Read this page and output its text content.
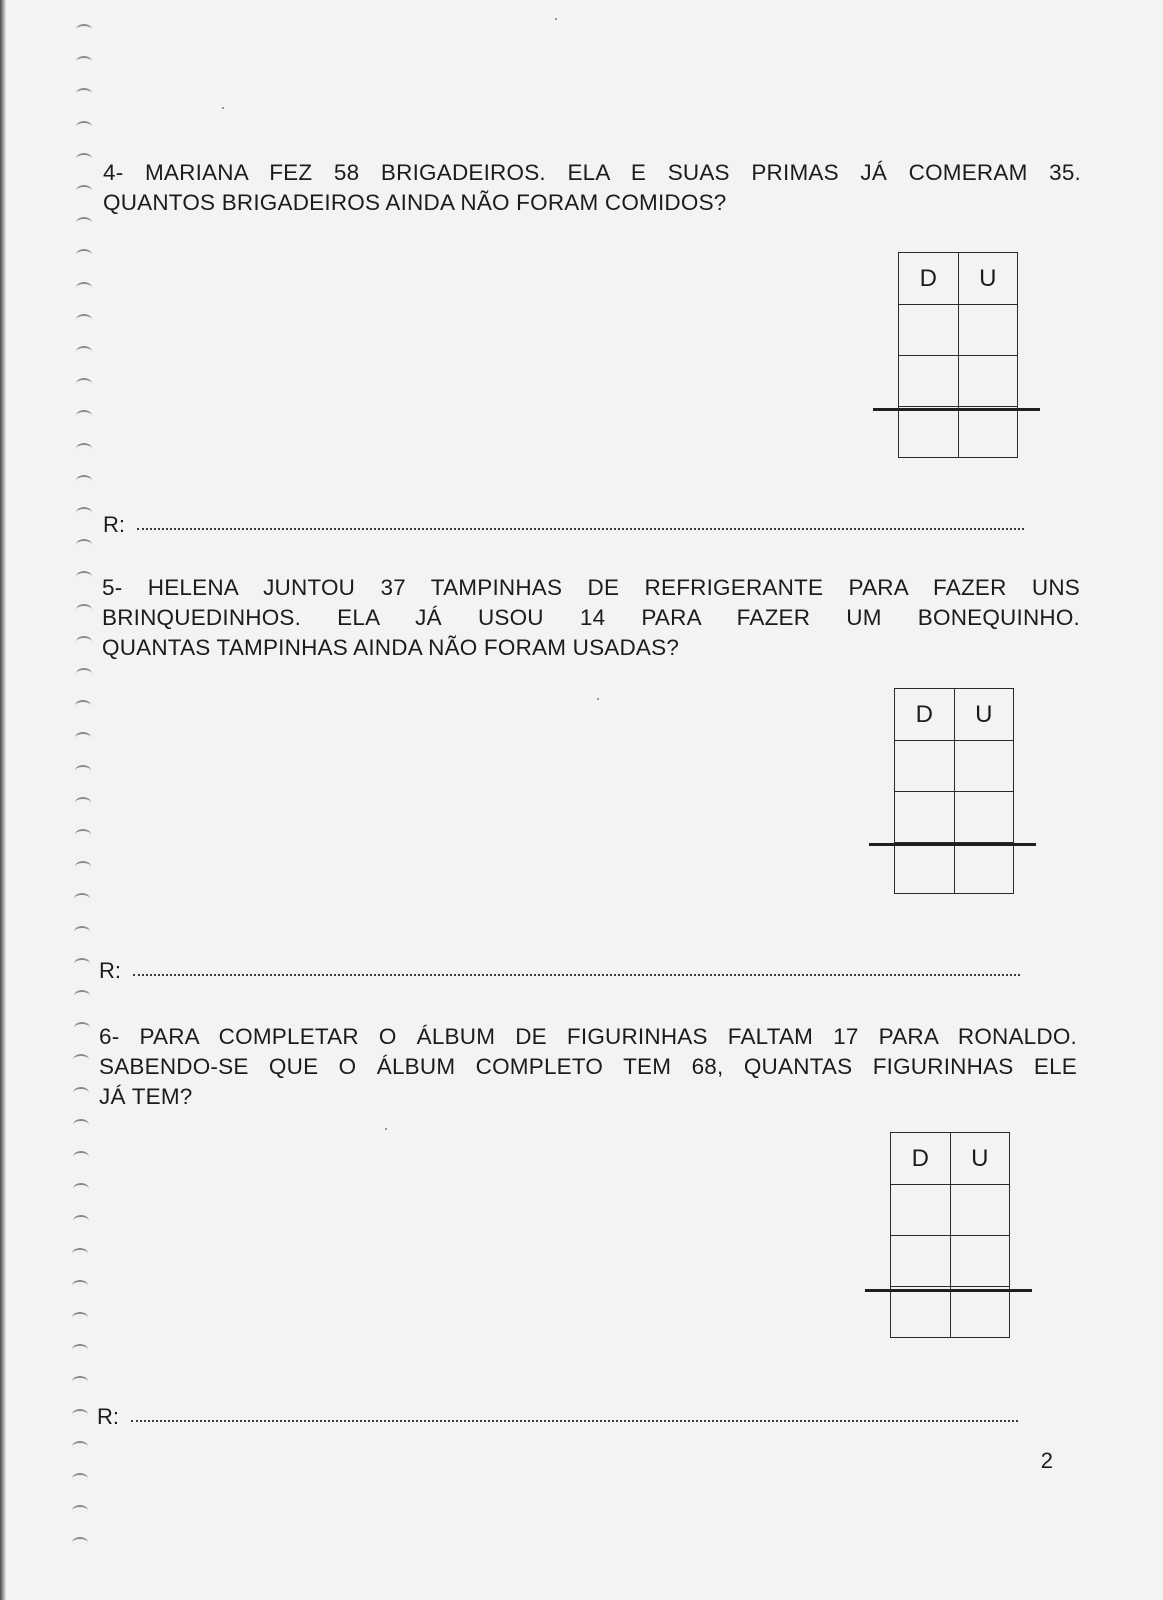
4- MARIANA FEZ 58 BRIGADEIROS. ELA E SUAS PRIMAS JÁ COMERAM 35.
QUANTOS BRIGADEIROS AINDA NÃO FORAM COMIDOS?
D	U
R:
5- HELENA JUNTOU 37 TAMPINHAS DE REFRIGERANTE PARA FAZER UNS
BRINQUEDINHOS. ELA JÁ USOU 14 PARA FAZER UM BONEQUINHO.
QUANTAS TAMPINHAS AINDA NÃO FORAM USADAS?
D	U
R:
6- PARA COMPLETAR O ÁLBUM DE FIGURINHAS FALTAM 17 PARA RONALDO.
SABENDO-SE QUE O ÁLBUM COMPLETO TEM 68, QUANTAS FIGURINHAS ELE
JÁ TEM?
D	U
R:
2
